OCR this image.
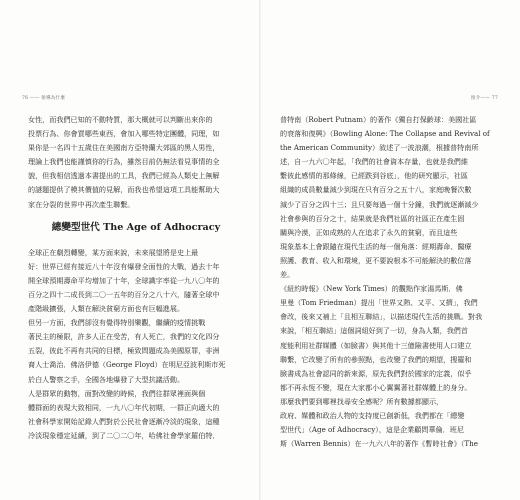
76 —— 領導為什麼
女性，而我們已知的不動特質，那大概就可以判斷出來你的
投票行為、你會買哪些東西，會加入哪些特定團體，同理，如
果你是一名四十五歲住在美國南方亞特蘭大郊區的黑人男性，
理論上我們也能謹慎你的行為，雖然目前仍無法看見事情的全
貌，但我相信透過本書提出的工具，我們已經為人類史上無解
的謎題提供了模其價值的見解，而我也希望這項工具能幫助大
家在分裂的世界中再次產生聯繫。
總變型世代 The Age of Adhocracy
全球正在劇烈轉變，某方面來說，未來展望將是史上最
好：世界已經有接近八十年沒有爆發全面性的大戰，過去十年
開全球預期壽命平均增加了十年，全球識字率從一九八〇年的
百分之四十二成長到二〇一五年的百分之八十六，隨著全球中
產階級擴張，人類在解決貧窮方面也有巨幅進展。
但另一方面，我們卻沒有覺得特別樂觀，繼續的疫情挑戰
著民主的極限，許多人正在受苦，有人死亡，我們的文化四分
五裂，彼此不再有共同的目標，極致問題成為美國原罪，非洲
裔人士喬治．佛洛伊德（George Floyd）在明尼亞波利斯市死
於白人警察之手，全國各地爆發了大型抗議活動。
人是群眾的動物，面對改變的時候，我們往群眾裡面與個
體群面的表現大致相同，一九八〇年代初期，一群正向適大的
社會科學家開始記錄人們對於公民社會逐漸冷淡的現象，這種
冷淡現象穩定延續，到了二〇二〇年，哈佛社會學家羅伯特．
推介—— 77
普特南（Robert Putnam）的著作《獨自打保齡球：美國社區
的衰落和復興》（Bowling Alone: The Collapse and Revival of
the American Community）敘述了一波浪潮，根據普特南所
述，自一九六〇年起，「我們的社會資本存量，也就是我們維
繫彼此感情的那條線，已經跌到谷底」，他的研究顯示，社區
組織的成員數量減少到現在只有百分之五十八，家庭晚餐次數
減少了百分之四十三；且只要每過一個十分鐘，我們就逐漸減少
社會參與的百分之十，結果就是我們社區的社區正在產生固
關與冷漠，正如成熟的人在追求了永久的貧窮，而且這些
現象基本上會跟隨在現代生活的每一個角落：經期壽命、醫療
照護、教育、收入和環境，更不要說根本不可能解決的數位落
差。
《紐約時報》（New York Times）的觀點作家湯馬斯．佛
里曼（Tom Friedman）提出「世界又熱、又平、又擠」，我們
會改，後來又補上「且相互聯結」，以描述現代生活的挑戰。對我
來說，「相互聯結」這個詞組好到了一切，身為人類，我們首
度能利用社群媒體（如臉書）與其他十三億險書使用人口建立
聯繫，它改變了所有的參照點，也改變了我們的期望，搜羅和
臉書成為社會認同的新來源，原先我們對於國家的定義，似乎
都不再永恆不變，現在大家都小心翼翼著社群媒體上的身分。
那麼我們要到哪裡找尋安全感呢？所有數據都顯示，
政府、媒體和政治人物的支持度已創新低，我們都在「總變
型世代」（Age of Adhocracy），這是企業顧問華倫．班尼
斯（Warren Bennis）在一九六八年的著作《暫時社會》（The
